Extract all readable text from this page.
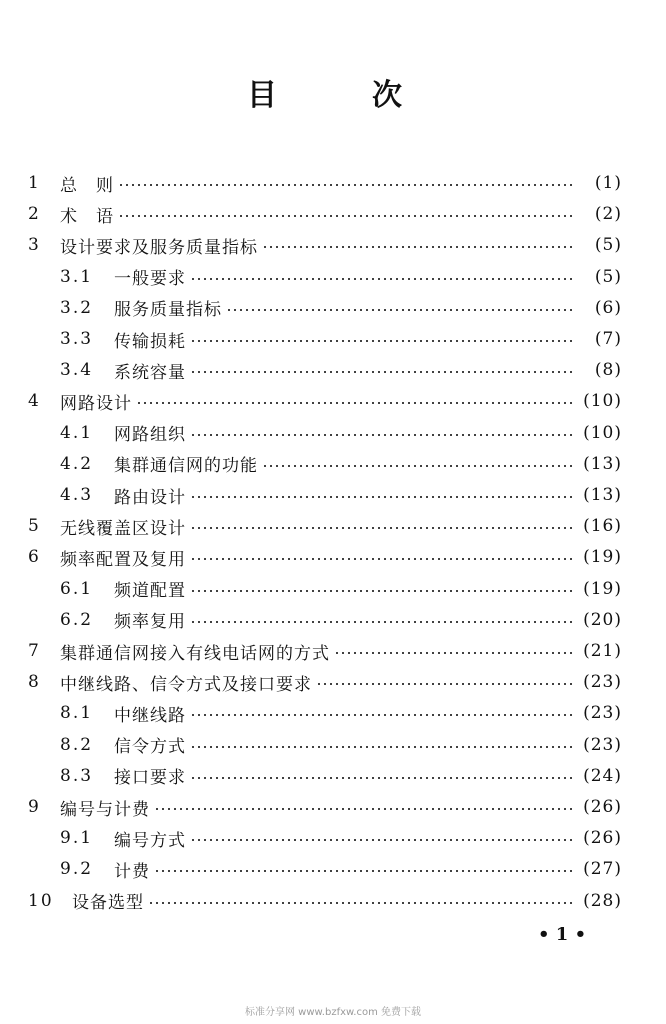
目	次
1	总　则	(1)
2	术　语	(2)
3	设计要求及服务质量指标	(5)
3.1	一般要求	(5)
3.2	服务质量指标	(6)
3.3	传输损耗	(7)
3.4	系统容量	(8)
4	网路设计	(10)
4.1	网路组织	(10)
4.2	集群通信网的功能	(13)
4.3	路由设计	(13)
5	无线覆盖区设计	(16)
6	频率配置及复用	(19)
6.1	频道配置	(19)
6.2	频率复用	(20)
7	集群通信网接入有线电话网的方式	(21)
8	中继线路、信令方式及接口要求	(23)
8.1	中继线路	(23)
8.2	信令方式	(23)
8.3	接口要求	(24)
9	编号与计费	(26)
9.1	编号方式	(26)
9.2	计费	(27)
10	设备选型	(28)
• 1 •
标准分享网 www.bzfxw.com 免费下载
